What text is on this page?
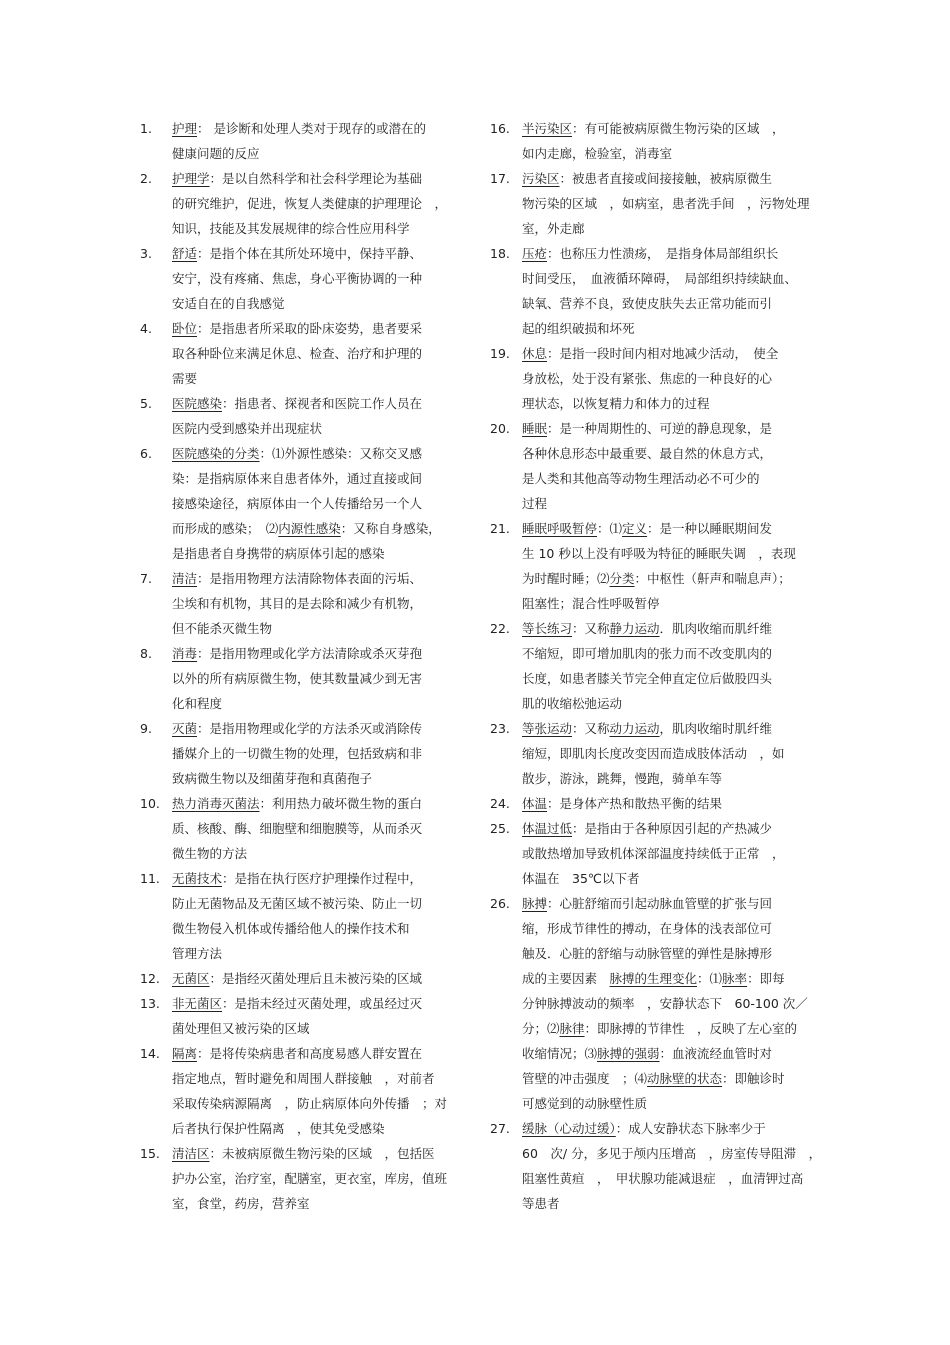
1.	护理： 是诊断和处理人类对于现存的或潜在的
健康问题的反应
2.	护理学：是以自然科学和社会科学理论为基础
的研究维护，促进，恢复人类健康的护理理论　，
知识，技能及其发展规律的综合性应用科学
3.	舒适：是指个体在其所处环境中，保持平静、
安宁，没有疼痛、焦虑，身心平衡协调的一种
安适自在的自我感觉
4.	卧位：是指患者所采取的卧床姿势，患者要采
取各种卧位来满足休息、检查、治疗和护理的
需要
5.	医院感染：指患者、探视者和医院工作人员在
医院内受到感染并出现症状
6.	医院感染的分类：⑴外源性感染：又称交叉感
染：是指病原体来自患者体外，通过直接或间
接感染途径，病原体由一个人传播给另一个人
而形成的感染；　⑵内源性感染：又称自身感染，
是指患者自身携带的病原体引起的感染
7.	清洁：是指用物理方法清除物体表面的污垢、
尘埃和有机物，其目的是去除和减少有机物，
但不能杀灭微生物
8.	消毒：是指用物理或化学方法清除或杀灭芽孢
以外的所有病原微生物，使其数量减少到无害
化和程度
9.	灭菌：是指用物理或化学的方法杀灭或消除传
播媒介上的一切微生物的处理，包括致病和非
致病微生物以及细菌芽孢和真菌孢子
10. 热力消毒灭菌法：利用热力破坏微生物的蛋白
质、核酸、酶、细胞壁和细胞膜等，从而杀灭
微生物的方法
11. 无菌技术：是指在执行医疗护理操作过程中，
防止无菌物品及无菌区域不被污染、防止一切
微生物侵入机体或传播给他人的操作技术和
管理方法
12. 无菌区：是指经灭菌处理后且未被污染的区域
13. 非无菌区：是指未经过灭菌处理，或虽经过灭
菌处理但又被污染的区域
14. 隔离：是将传染病患者和高度易感人群安置在
指定地点，暂时避免和周围人群接触　，对前者
采取传染病源隔离　，防止病原体向外传播　；对
后者执行保护性隔离　，使其免受感染
15. 清洁区：未被病原微生物污染的区域　，包括医
护办公室，治疗室，配膳室，更衣室，库房，值班
室，食堂，药房，营养室
16. 半污染区：有可能被病原微生物污染的区域　，
如内走廊，检验室，消毒室
17. 污染区：被患者直接或间接接触，被病原微生
物污染的区域　，如病室，患者洗手间　，污物处理
室，外走廊
18. 压疮：也称压力性溃疡，　是指身体局部组织长
时间受压，　血液循环障碍，　局部组织持续缺血、
缺氧、营养不良，致使皮肤失去正常功能而引
起的组织破损和坏死
19. 休息：是指一段时间内相对地减少活动，　使全
身放松，处于没有紧张、焦虑的一种良好的心
理状态，以恢复精力和体力的过程
20. 睡眠：是一种周期性的、可逆的静息现象，是
各种休息形态中最重要、最自然的休息方式，
是人类和其他高等动物生理活动必不可少的
过程
21. 睡眠呼吸暂停：⑴定义：是一种以睡眠期间发
生 10 秒以上没有呼吸为特征的睡眠失调　，表现
为时醒时睡；⑵分类：中枢性（鼾声和喘息声）；
阻塞性；混合性呼吸暂停
22. 等长练习：又称静力运动．肌肉收缩而肌纤维
不缩短，即可增加肌肉的张力而不改变肌肉的
长度，如患者膝关节完全伸直定位后做股四头
肌的收缩松弛运动
23. 等张运动：又称动力运动，肌肉收缩时肌纤维
缩短，即肌肉长度改变因而造成肢体活动　，如
散步，游泳，跳舞，慢跑，骑单车等
24. 体温：是身体产热和散热平衡的结果
25. 体温过低：是指由于各种原因引起的产热减少
或散热增加导致机体深部温度持续低于正常　，
体温在　35℃以下者
26. 脉搏：心脏舒缩而引起动脉血管壁的扩张与回
缩，形成节律性的搏动，在身体的浅表部位可
触及．心脏的舒缩与动脉管壁的弹性是脉搏形
成的主要因素　脉搏的生理变化：⑴脉率：即每
分钟脉搏波动的频率　，安静状态下　60-100 次／
分；⑵脉律：即脉搏的节律性　，反映了左心室的
收缩情况；⑶脉搏的强弱：血液流经血管时对
管壁的冲击强度　；⑷动脉壁的状态：即触诊时
可感觉到的动脉壁性质
27. 缓脉（心动过缓）：成人安静状态下脉率少于
60　次/ 分，多见于颅内压增高　，房室传导阻滞　，
阻塞性黄疸　，　甲状腺功能减退症　，血清钾过高
等患者
